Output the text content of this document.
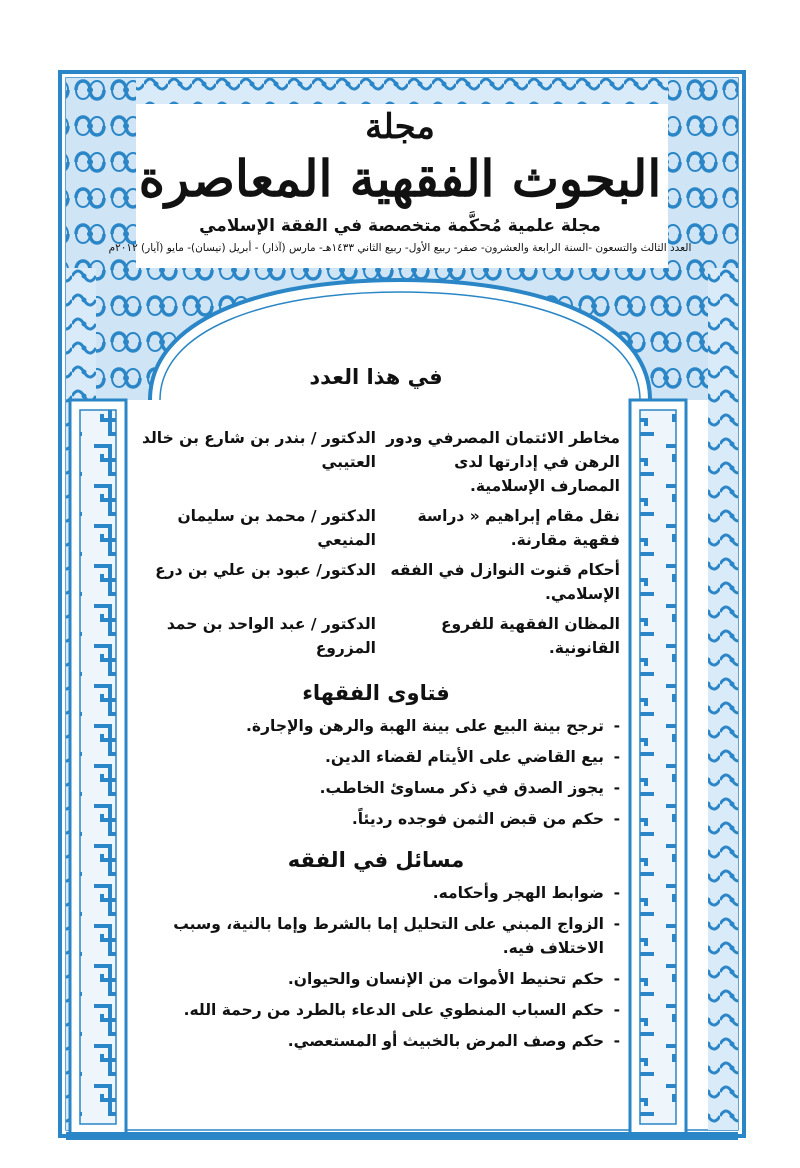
مجلة
البحوث الفقهية المعاصرة
مجلة علمية مُحكَّمة متخصصة في الفقة الإسلامي
العدد الثالث والتسعون -السنة الرابعة والعشرون- صفر- ربيع الأول- ربيع الثاني ١٤٣٣هـ- مارس (آذار) - أبريل (نيسان)- مايو (آيار) ٢٠١٢م
في هذا العدد
مخاطر الائتمان المصرفي ودور الرهن في إدارتها لدى المصارف الإسلامية.
الدكتور / بندر بن شارع بن خالد العتيبي
نقل مقام إبراهيم « دراسة فقهية مقارنة.
الدكتور / محمد بن سليمان المنيعي
أحكام قنوت النوازل في الفقه الإسلامي.
الدكتور/ عبود بن علي بن درع
المظان الفقهية للفروع القانونية.
الدكتور / عبد الواحد بن حمد المزروع
فتاوى الفقهاء
-
ترجح بينة البيع على بينة الهبة والرهن والإجارة.
-
بيع القاضي على الأيتام لقضاء الدين.
-
يجوز الصدق في ذكر مساوئ الخاطب.
-
حكم من قبض الثمن فوجده رديئاً.
مسائل في الفقه
-
ضوابط الهجر وأحكامه.
-
الزواج المبني على التحليل إما بالشرط وإما بالنية، وسبب الاختلاف فيه.
-
حكم تحنيط الأموات من الإنسان والحيوان.
-
حكم السباب المنطوي على الدعاء بالطرد من رحمة الله.
-
حكم وصف المرض بالخبيث أو المستعصي.
